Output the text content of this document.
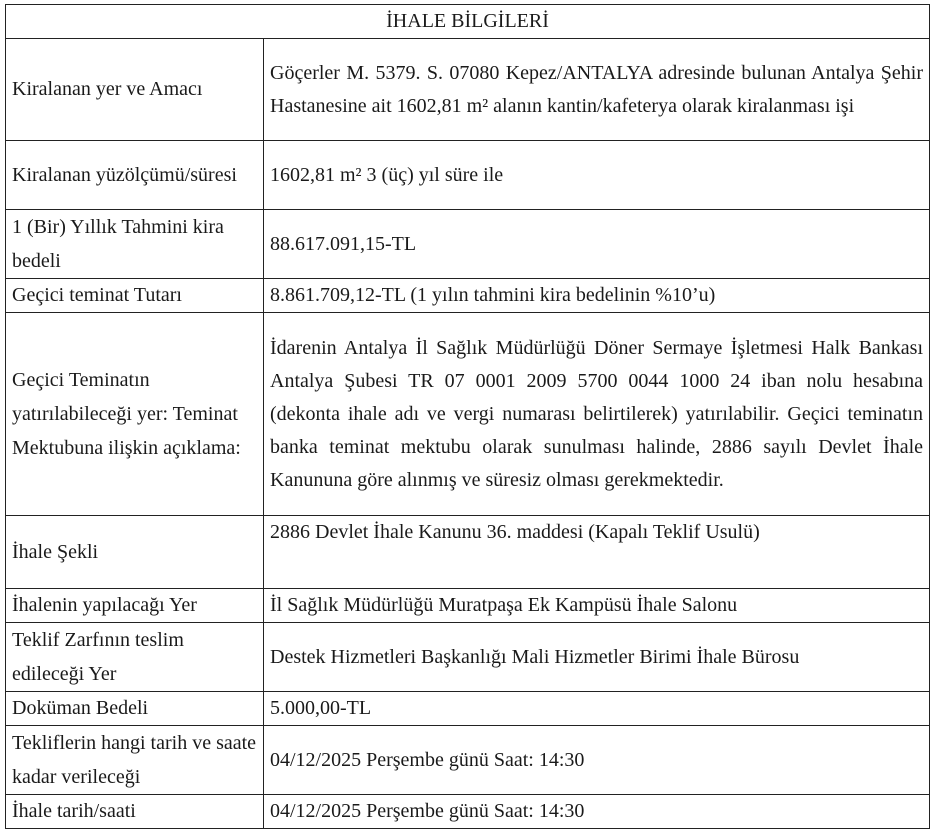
İHALE BİLGİLERİ	
Kiralanan yer ve Amacı	Göçerler M. 5379. S. 07080 Kepez/ANTALYA adresinde bulunan Antalya Şehir Hastanesine ait 1602,81 m² alanın kantin/kafeterya olarak kiralanması işi
Kiralanan yüzölçümü/süresi	1602,81 m² 3 (üç) yıl süre ile
1 (Bir) Yıllık Tahmini kira bedeli	88.617.091,15-TL
Geçici teminat Tutarı	8.861.709,12-TL (1 yılın tahmini kira bedelinin %10’u)
Geçici Teminatın yatırılabileceği yer: Teminat Mektubuna ilişkin açıklama:	İdarenin Antalya İl Sağlık Müdürlüğü Döner Sermaye İşletmesi Halk Bankası Antalya Şubesi TR 07 0001 2009 5700 0044 1000 24 iban nolu hesabına (dekonta ihale adı ve vergi numarası belirtilerek) yatırılabilir. Geçici teminatın banka teminat mektubu olarak sunulması halinde, 2886 sayılı Devlet İhale Kanununa göre alınmış ve süresiz olması gerekmektedir.
İhale Şekli	2886 Devlet İhale Kanunu 36. maddesi (Kapalı Teklif Usulü)
İhalenin yapılacağı Yer	İl Sağlık Müdürlüğü Muratpaşa Ek Kampüsü İhale Salonu
Teklif Zarfının teslim edileceği Yer	Destek Hizmetleri Başkanlığı Mali Hizmetler Birimi İhale Bürosu
Doküman Bedeli	5.000,00-TL
Tekliflerin hangi tarih ve saate kadar verileceği	04/12/2025 Perşembe günü Saat: 14:30
İhale tarih/saati	04/12/2025 Perşembe günü Saat: 14:30
